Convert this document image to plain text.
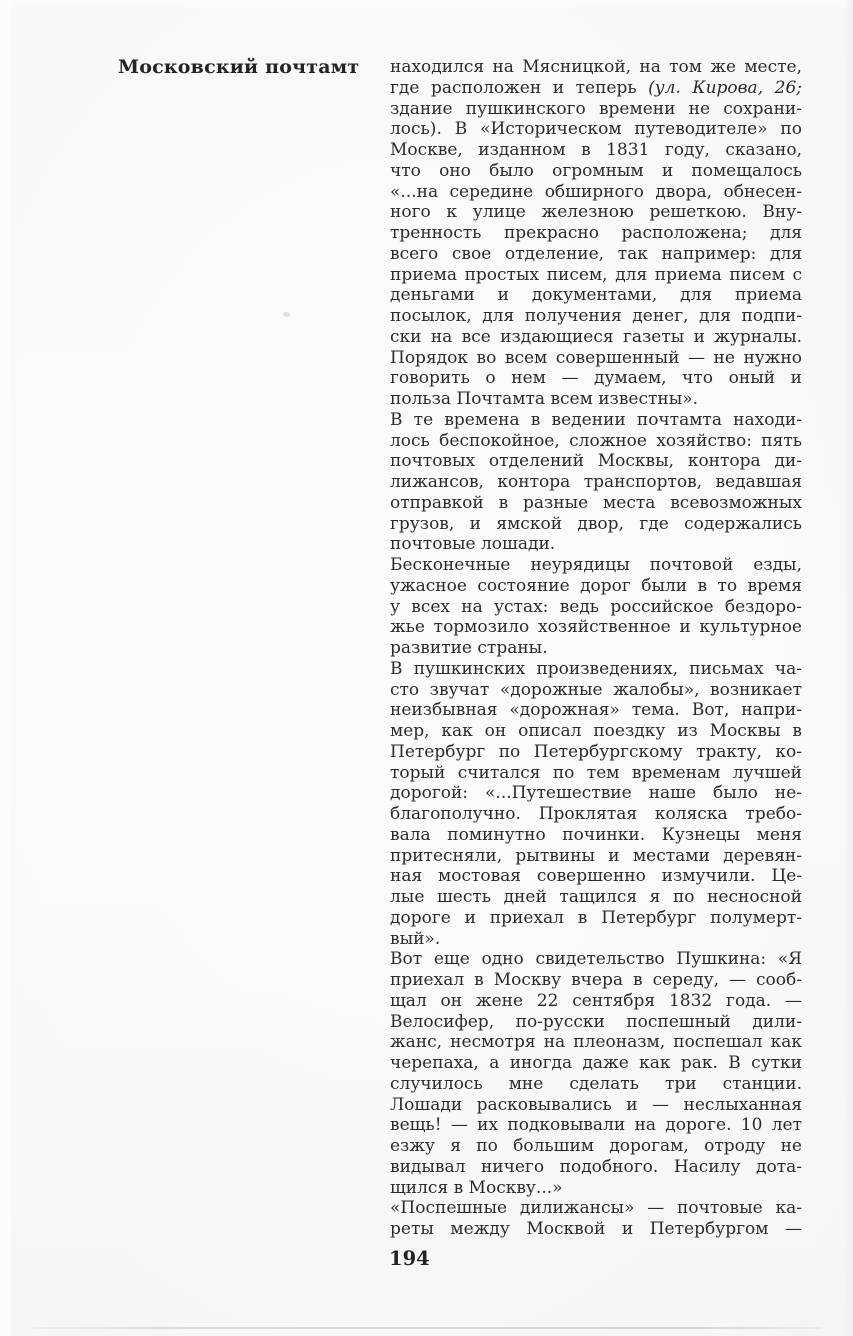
Московский почтамт	находился на Мясницкой, на том же месте,
где расположен и теперь (ул. Кирова, 26;
здание пушкинского времени не сохрани-
лось). В «Историческом путеводителе» по
Москве, изданном в 1831 году, сказано,
что оно было огромным и помещалось
«...на середине обширного двора, обнесен-
ного к улице железною решеткою. Вну-
тренность прекрасно расположена; для
всего свое отделение, так например: для
приема простых писем, для приема писем с
деньгами и документами, для приема
посылок, для получения денег, для подпи-
ски на все издающиеся газеты и журналы.
Порядок во всем совершенный — не нужно
говорить о нем — думаем, что оный и
польза Почтамта всем известны».
В те времена в ведении почтамта находи-
лось беспокойное, сложное хозяйство: пять
почтовых отделений Москвы, контора ди-
лижансов, контора транспортов, ведавшая
отправкой в разные места всевозможных
грузов, и ямской двор, где содержались
почтовые лошади.
Бесконечные неурядицы почтовой езды,
ужасное состояние дорог были в то время
у всех на устах: ведь российское бездоро-
жье тормозило хозяйственное и культурное
развитие страны.
В пушкинских произведениях, письмах ча-
сто звучат «дорожные жалобы», возникает
неизбывная «дорожная» тема. Вот, напри-
мер, как он описал поездку из Москвы в
Петербург по Петербургскому тракту, ко-
торый считался по тем временам лучшей
дорогой: «...Путешествие наше было не-
благополучно. Проклятая коляска требо-
вала поминутно починки. Кузнецы меня
притесняли, рытвины и местами деревян-
ная мостовая совершенно измучили. Це-
лые шесть дней тащился я по несносной
дороге и приехал в Петербург полумерт-
вый».
Вот еще одно свидетельство Пушкина: «Я
приехал в Москву вчера в середу, — сооб-
щал он жене 22 сентября 1832 года. —
Велосифер, по-русски поспешный дили-
жанс, несмотря на плеоназм, поспешал как
черепаха, а иногда даже как рак. В сутки
случилось мне сделать три станции.
Лошади расковывались и — неслыханная
вещь! — их подковывали на дороге. 10 лет
езжу я по большим дорогам, отроду не
видывал ничего подобного. Насилу дота-
щился в Москву...»
«Поспешные дилижансы» — почтовые ка-
реты между Москвой и Петербургом —
194
